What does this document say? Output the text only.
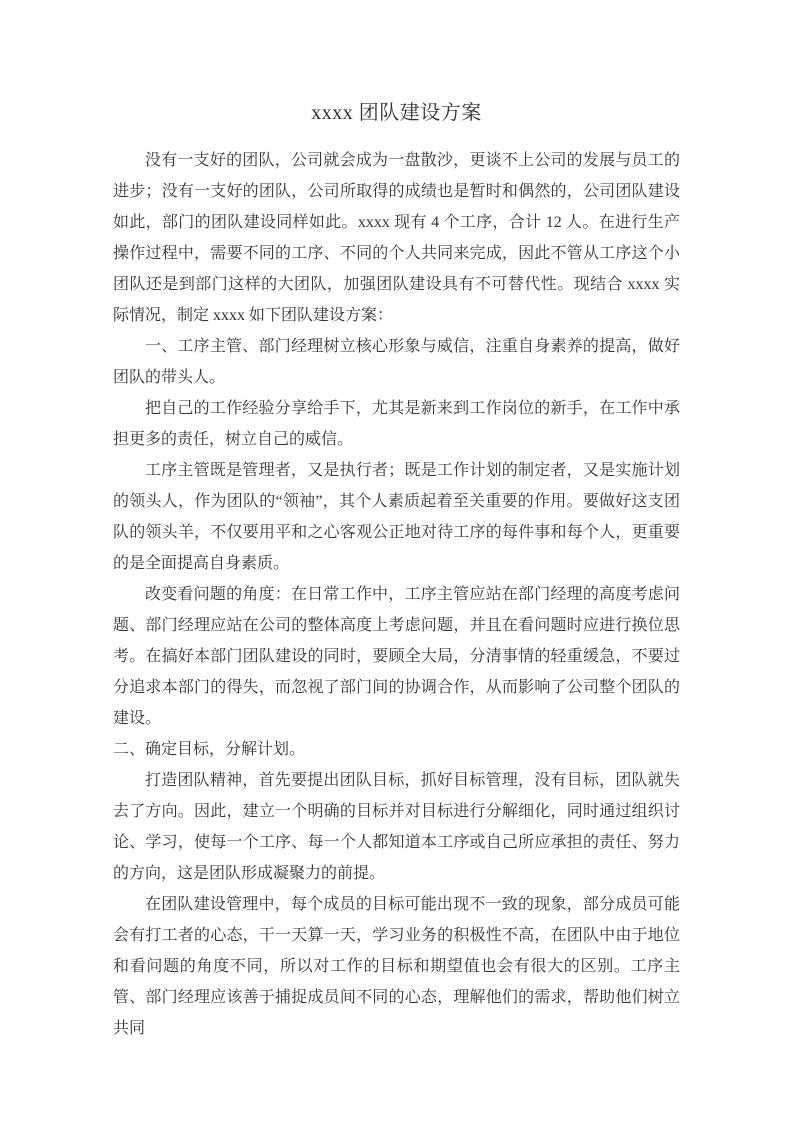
xxxx 团队建设方案

没有一支好的团队，公司就会成为一盘散沙，更谈不上公司的发展与员工的进步；没有一支好的团队，公司所取得的成绩也是暂时和偶然的，公司团队建设如此，部门的团队建设同样如此。xxxx 现有 4 个工序，合计 12 人。在进行生产操作过程中，需要不同的工序、不同的个人共同来完成，因此不管从工序这个小团队还是到部门这样的大团队，加强团队建设具有不可替代性。现结合 xxxx 实际情况，制定 xxxx 如下团队建设方案：

一、工序主管、部门经理树立核心形象与威信，注重自身素养的提高，做好团队的带头人。

把自己的工作经验分享给手下，尤其是新来到工作岗位的新手，在工作中承担更多的责任，树立自己的威信。

工序主管既是管理者，又是执行者；既是工作计划的制定者，又是实施计划的领头人，作为团队的“领袖”，其个人素质起着至关重要的作用。要做好这支团队的领头羊，不仅要用平和之心客观公正地对待工序的每件事和每个人，更重要的是全面提高自身素质。

改变看问题的角度：在日常工作中，工序主管应站在部门经理的高度考虑问题、部门经理应站在公司的整体高度上考虑问题，并且在看问题时应进行换位思考。在搞好本部门团队建设的同时，要顾全大局，分清事情的轻重缓急，不要过分追求本部门的得失，而忽视了部门间的协调合作，从而影响了公司整个团队的建设。

二、确定目标，分解计划。

打造团队精神，首先要提出团队目标，抓好目标管理，没有目标，团队就失去了方向。因此，建立一个明确的目标并对目标进行分解细化，同时通过组织讨论、学习，使每一个工序、每一个人都知道本工序或自己所应承担的责任、努力的方向，这是团队形成凝聚力的前提。

在团队建设管理中，每个成员的目标可能出现不一致的现象，部分成员可能会有打工者的心态，干一天算一天，学习业务的积极性不高，在团队中由于地位和看问题的角度不同，所以对工作的目标和期望值也会有很大的区别。工序主管、部门经理应该善于捕捉成员间不同的心态，理解他们的需求，帮助他们树立共同
